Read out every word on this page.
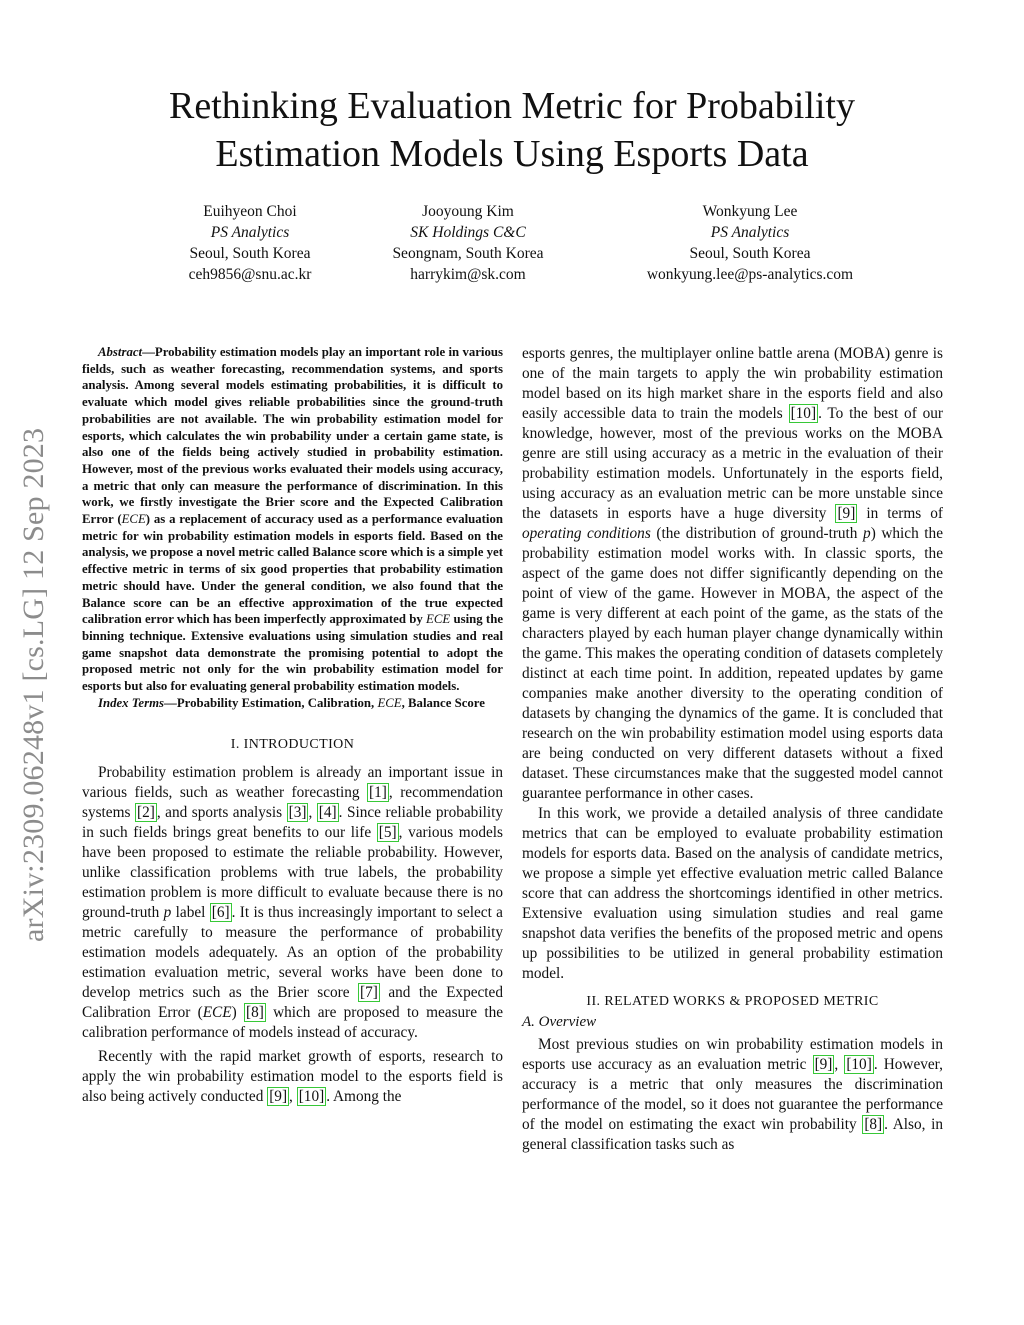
arXiv:2309.06248v1 [cs.LG] 12 Sep 2023
Rethinking Evaluation Metric for Probability Estimation Models Using Esports Data
Euihyeon Choi
PS Analytics
Seoul, South Korea
ceh9856@snu.ac.kr
Jooyoung Kim
SK Holdings C&C
Seongnam, South Korea
harrykim@sk.com
Wonkyung Lee
PS Analytics
Seoul, South Korea
wonkyung.lee@ps-analytics.com

Abstract—Probability estimation models play an important role in various fields, such as weather forecasting, recommendation systems, and sports analysis. Among several models estimating probabilities, it is difficult to evaluate which model gives reliable probabilities since the ground-truth probabilities are not available. The win probability estimation model for esports, which calculates the win probability under a certain game state, is also one of the fields being actively studied in probability estimation. However, most of the previous works evaluated their models using accuracy, a metric that only can measure the performance of discrimination. In this work, we firstly investigate the Brier score and the Expected Calibration Error (ECE) as a replacement of accuracy used as a performance evaluation metric for win probability estimation models in esports field. Based on the analysis, we propose a novel metric called Balance score which is a simple yet effective metric in terms of six good properties that probability estimation metric should have. Under the general condition, we also found that the Balance score can be an effective approximation of the true expected calibration error which has been imperfectly approximated by ECE using the binning technique. Extensive evaluations using simulation studies and real game snapshot data demonstrate the promising potential to adopt the proposed metric not only for the win probability estimation model for esports but also for evaluating general probability estimation models.

Index Terms—Probability Estimation, Calibration, ECE, Balance Score

I. INTRODUCTION

Probability estimation problem is already an important issue in various fields, such as weather forecasting [1] , recommendation systems [2] , and sports analysis [3] , [4] . Since reliable probability in such fields brings great benefits to our life [5] , various models have been proposed to estimate the reliable probability. However, unlike classification problems with true labels, the probability estimation problem is more difficult to evaluate because there is no ground-truth p label [6] . It is thus increasingly important to select a metric carefully to measure the performance of probability estimation models adequately. As an option of the probability estimation evaluation metric, several works have been done to develop metrics such as the Brier score [7] and the Expected Calibration Error (ECE) [8] which are proposed to measure the calibration performance of models instead of accuracy.

Recently with the rapid market growth of esports, research to apply the win probability estimation model to the esports field is also being actively conducted [9] , [10] . Among the

esports genres, the multiplayer online battle arena (MOBA) genre is one of the main targets to apply the win probability estimation model based on its high market share in the esports field and also easily accessible data to train the models [10] . To the best of our knowledge, however, most of the previous works on the MOBA genre are still using accuracy as a metric in the evaluation of their probability estimation models. Unfortunately in the esports field, using accuracy as an evaluation metric can be more unstable since the datasets in esports have a huge diversity [9] in terms of operating conditions (the distribution of ground-truth p) which the probability estimation model works with. In classic sports, the aspect of the game does not differ significantly depending on the point of view of the game. However in MOBA, the aspect of the game is very different at each point of the game, as the stats of the characters played by each human player change dynamically within the game. This makes the operating condition of datasets completely distinct at each time point. In addition, repeated updates by game companies make another diversity to the operating condition of datasets by changing the dynamics of the game. It is concluded that research on the win probability estimation model using esports data are being conducted on very different datasets without a fixed dataset. These circumstances make that the suggested model cannot guarantee performance in other cases.

In this work, we provide a detailed analysis of three candidate metrics that can be employed to evaluate probability estimation models for esports data. Based on the analysis of candidate metrics, we propose a simple yet effective evaluation metric called Balance score that can address the shortcomings identified in other metrics. Extensive evaluation using simulation studies and real game snapshot data verifies the benefits of the proposed metric and opens up possibilities to be utilized in general probability estimation model.

II. RELATED WORKS & PROPOSED METRIC
A. Overview

Most previous studies on win probability estimation models in esports use accuracy as an evaluation metric [9] , [10] . However, accuracy is a metric that only measures the discrimination performance of the model, so it does not guarantee the performance of the model on estimating the exact win probability [8] . Also, in general classification tasks such as
